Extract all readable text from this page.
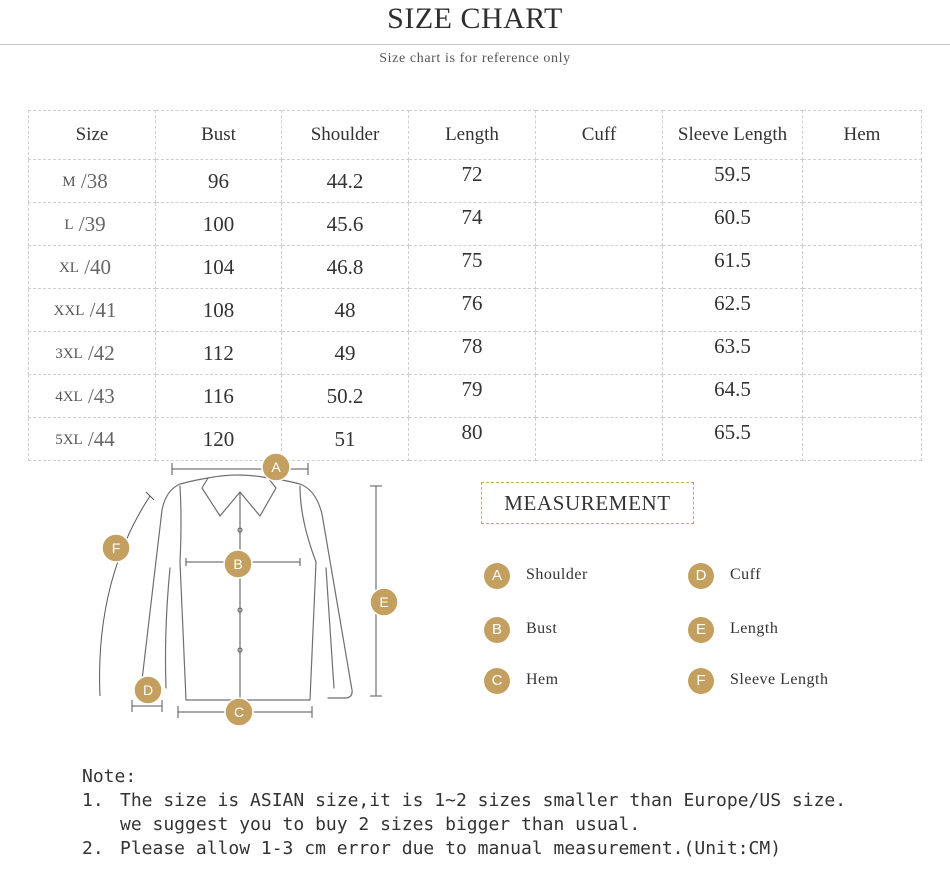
SIZE CHART
Size chart is for reference only
Size	Bust	Shoulder	Length	Cuff	Sleeve Length	Hem
M /38	96	44.2	72		59.5	
L /39	100	45.6	74		60.5	
XL /40	104	46.8	75		61.5	
XXL /41	108	48	76		62.5	
3XL /42	112	49	78		63.5	
4XL /43	116	50.2	79		64.5	
5XL /44	120	51	80		65.5	
A
B
C
D
E
F
MEASUREMENT
A	Shoulder
B	Bust
C	Hem
D	Cuff
E	Length
F	Sleeve Length
Note:
1. The size is ASIAN size,it is 1~2 sizes smaller than Europe/US size.
we suggest you to buy 2 sizes bigger than usual.
2. Please allow 1-3 cm error due to manual measurement.(Unit:CM)
